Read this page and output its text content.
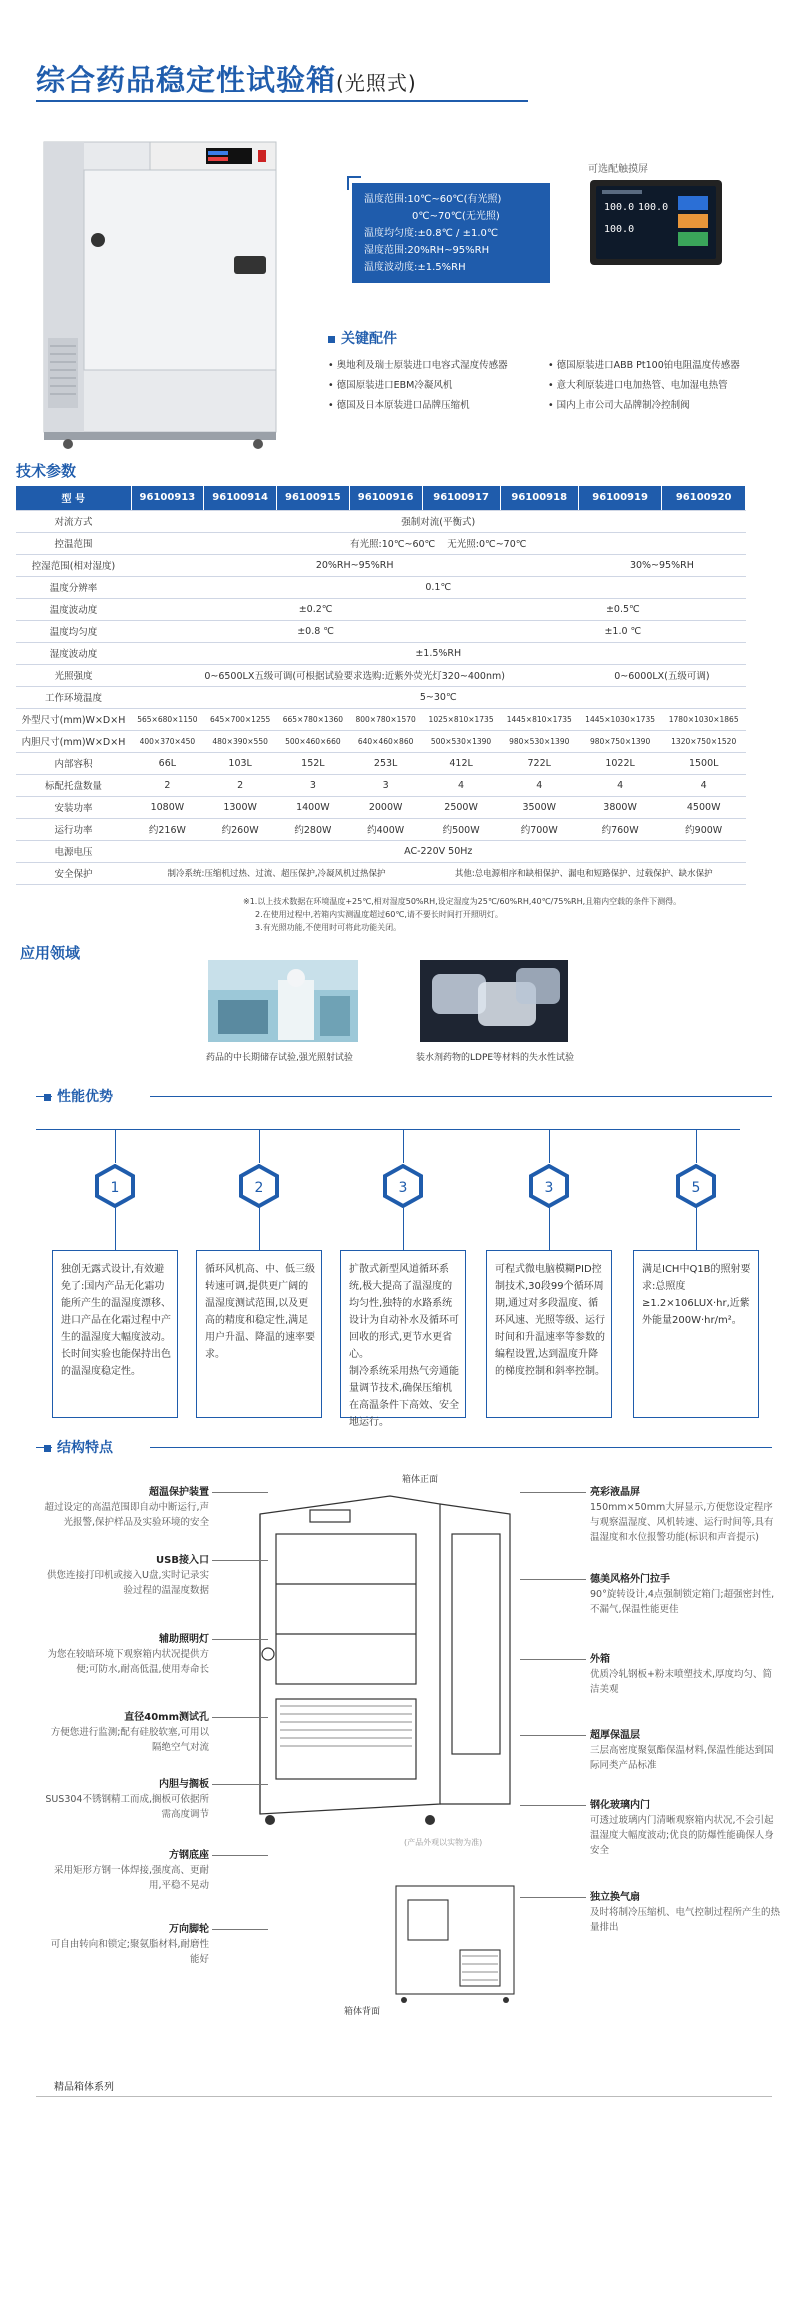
综合药品稳定性试验箱(光照式)
温度范围:10℃~60℃(有光照)
0℃~70℃(无光照)
温度均匀度:±0.8℃ / ±1.0℃
湿度范围:20%RH~95%RH
温度波动度:±1.5%RH
可选配触摸屏
100.0 100.0
100.0
关键配件
• 奥地利及瑞士原装进口电容式湿度传感器
• 德国原装进口EBM冷凝风机
• 德国及日本原装进口品牌压缩机
• 德国原装进口ABB Pt100铂电阻温度传感器
• 意大利原装进口电加热管、电加湿电热管
• 国内上市公司大品牌制冷控制阀
技术参数
型 号	96100913	96100914	96100915	96100916	96100917	96100918	96100919	96100920
对流方式	强制对流(平衡式)							
控温范围	有光照:10℃~60℃    无光照:0℃~70℃							
控湿范围(相对湿度)	20%RH~95%RH						30%~95%RH	
温度分辨率	0.1℃							
温度波动度	±0.2℃					±0.5℃		
温度均匀度	±0.8 ℃					±1.0 ℃		
湿度波动度	±1.5%RH							
光照强度	0~6500LX五级可调(可根据试验要求选购:近紫外荧光灯320~400nm)						0~6000LX(五级可调)	
工作环境温度	5~30℃							
外型尺寸(mm)W×D×H	565×680×1150	645×700×1255	665×780×1360	800×780×1570	1025×810×1735	1445×810×1735	1445×1030×1735	1780×1030×1865
内胆尺寸(mm)W×D×H	400×370×450	480×390×550	500×460×660	640×460×860	500×530×1390	980×530×1390	980×750×1390	1320×750×1520
内部容积	66L	103L	152L	253L	412L	722L	1022L	1500L
标配托盘数量	2	2	3	3	4	4	4	4
安装功率	1080W	1300W	1400W	2000W	2500W	3500W	3800W	4500W
运行功率	约216W	约260W	约280W	约400W	约500W	约700W	约760W	约900W
电源电压	AC-220V 50Hz							
安全保护	制冷系统:压缩机过热、过流、超压保护,冷凝风机过热保护				其他:总电源相序和缺相保护、漏电和短路保护、过载保护、缺水保护			
※1.以上技术数据在环境温度+25℃,相对湿度50%RH,设定湿度为25℃/60%RH,40℃/75%RH,且箱内空载的条件下测得。
2.在使用过程中,若箱内实测温度超过60℃,请不要长时间打开照明灯。
3.有光照功能,不使用时可将此功能关闭。
应用领域
药品的中长期储存试验,强光照射试验	装水剂药物的LDPE等材料的失水性试验
性能优势
1
独创无露式设计,有效避免了:国内产品无化霜功能所产生的温湿度漂移、进口产品在化霜过程中产生的温湿度大幅度波动。长时间实验也能保持出色的温湿度稳定性。
2
循环风机高、中、低三级转速可调,提供更广阔的温湿度测试范围,以及更高的精度和稳定性,满足用户升温、降温的速率要求。
3
扩散式新型风道循环系统,极大提高了温湿度的均匀性,独特的水路系统设计为自动补水及循环可回收的形式,更节水更省心。
制冷系统采用热气旁通能量调节技术,确保压缩机在高温条件下高效、安全地运行。
3
可程式微电脑模糊PID控制技术,30段99个循环周期,通过对多段温度、循环风速、光照等级、运行时间和升温速率等参数的编程设置,达到温度升降的梯度控制和斜率控制。
5
满足ICH中Q1B的照射要求:总照度≥1.2×106LUX·hr,近紫外能量200W·hr/m²。
结构特点
箱体正面
(产品外观以实物为准)
箱体背面
超温保护装置
超过设定的高温范围即自动中断运行,声光报警,保护样品及实验环境的安全
USB接入口
供您连接打印机或接入U盘,实时记录实验过程的温湿度数据
辅助照明灯
为您在较暗环境下观察箱内状况提供方便;可防水,耐高低温,使用寿命长
直径40mm测试孔
方便您进行监测;配有硅胶软塞,可用以隔绝空气对流
内胆与搁板
SUS304不锈钢精工而成,搁板可依据所需高度调节
方钢底座
采用矩形方钢一体焊接,强度高、更耐用,平稳不晃动
万向脚轮
可自由转向和锁定;聚氨脂材料,耐磨性能好
亮彩液晶屏
150mm×50mm大屏显示,方便您设定程序与观察温湿度、风机转速、运行时间等,具有温湿度和水位报警功能(标识和声音提示)
德美风格外门拉手
90°旋转设计,4点强制锁定箱门;超强密封性,不漏气,保温性能更佳
外箱
优质冷轧钢板+粉末喷塑技术,厚度均匀、简洁美观
超厚保温层
三层高密度聚氨酯保温材料,保温性能达到国际同类产品标准
钢化玻璃内门
可透过玻璃内门清晰观察箱内状况,不会引起温湿度大幅度波动;优良的防爆性能确保人身安全
独立换气扇
及时将制冷压缩机、电气控制过程所产生的热量排出
精品箱体系列
